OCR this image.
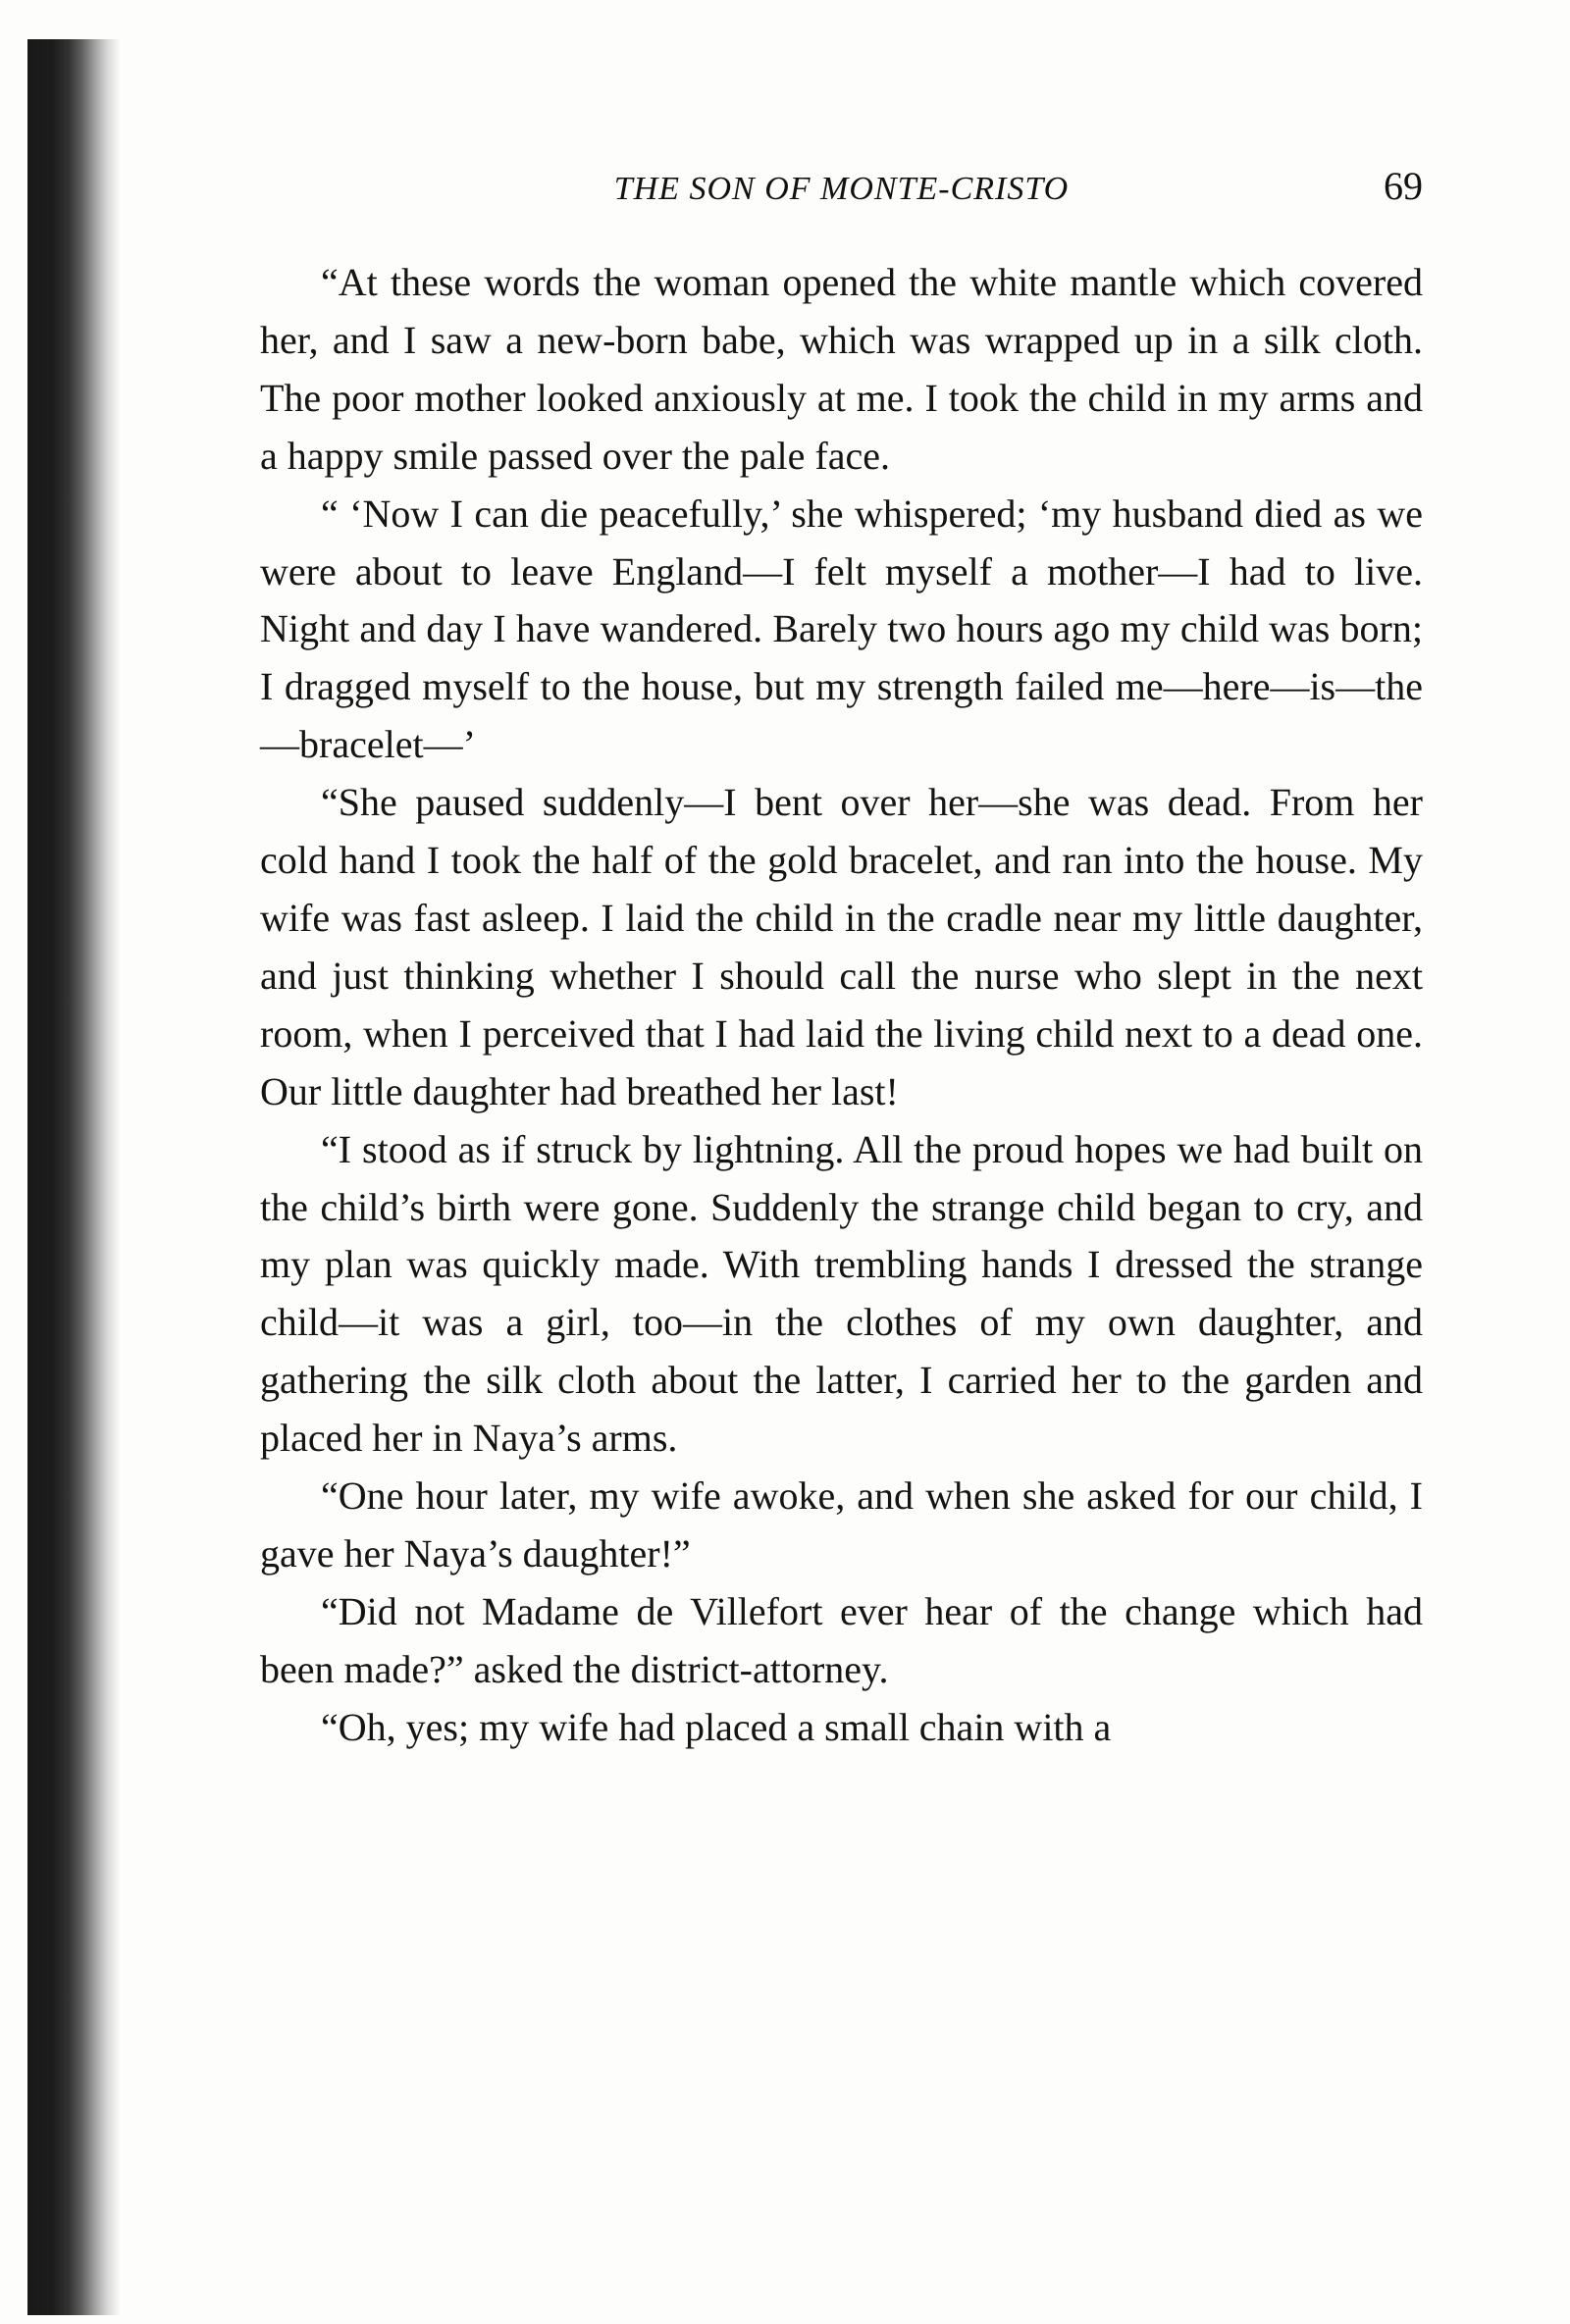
THE SON OF MONTE-CRISTO	69

“At these words the woman opened the white mantle which covered her, and I saw a new-born babe, which was wrapped up in a silk cloth. The poor mother looked anxiously at me. I took the child in my arms and a happy smile passed over the pale face.

“ ‘Now I can die peacefully,’ she whispered; ‘my husband died as we were about to leave England—I felt myself a mother—I had to live. Night and day I have wandered. Barely two hours ago my child was born; I dragged myself to the house, but my strength failed me—here—is—the—bracelet—’

“She paused suddenly—I bent over her—she was dead. From her cold hand I took the half of the gold bracelet, and ran into the house. My wife was fast asleep. I laid the child in the cradle near my little daughter, and just thinking whether I should call the nurse who slept in the next room, when I perceived that I had laid the living child next to a dead one. Our little daughter had breathed her last!

“I stood as if struck by lightning. All the proud hopes we had built on the child’s birth were gone. Suddenly the strange child began to cry, and my plan was quickly made. With trembling hands I dressed the strange child—it was a girl, too—in the clothes of my own daughter, and gathering the silk cloth about the latter, I carried her to the garden and placed her in Naya’s arms.

“One hour later, my wife awoke, and when she asked for our child, I gave her Naya’s daughter!”

“Did not Madame de Villefort ever hear of the change which had been made?” asked the district-attorney.

“Oh, yes; my wife had placed a small chain with a
